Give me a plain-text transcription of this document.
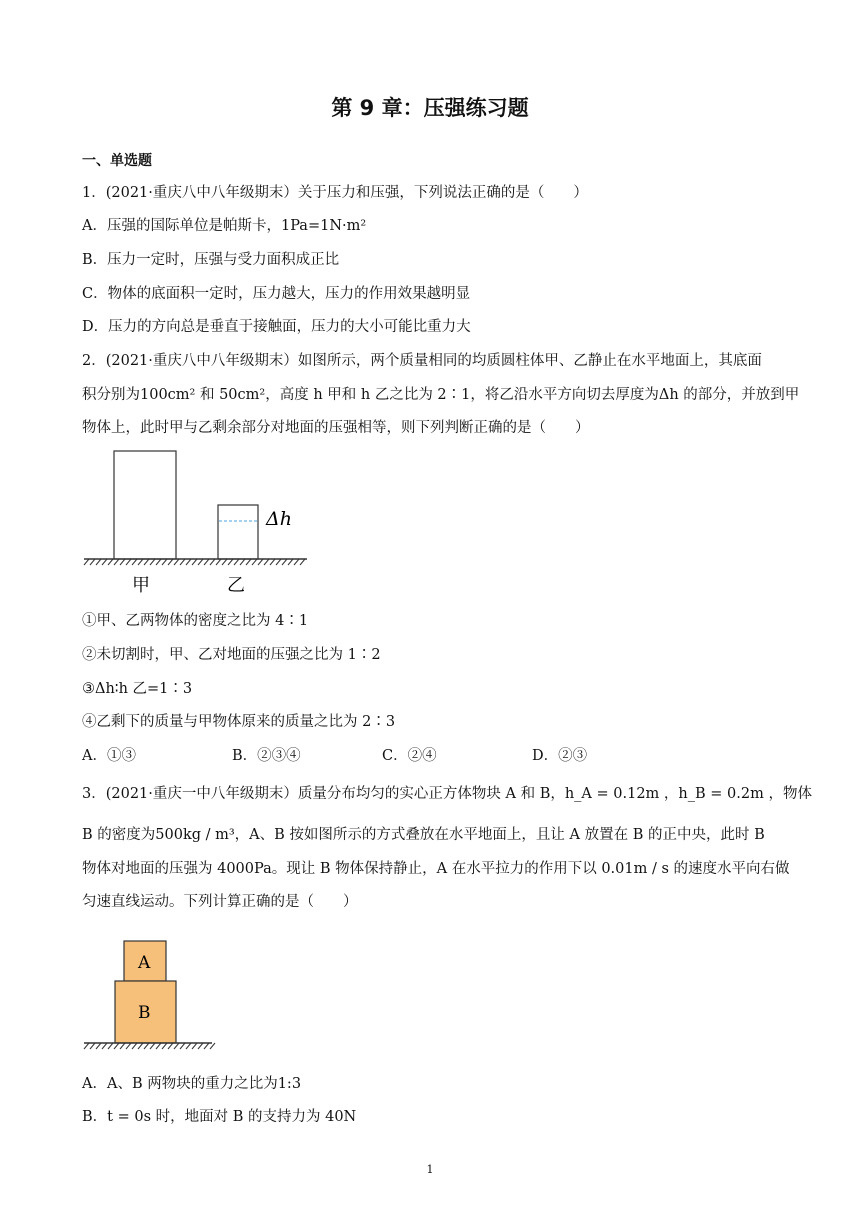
第 9 章：压强练习题
一、单选题
1．(2021·重庆八中八年级期末）关于压力和压强，下列说法正确的是（　　）
A．压强的国际单位是帕斯卡，1Pa=1N·m²
B．压力一定时，压强与受力面积成正比
C．物体的底面积一定时，压力越大，压力的作用效果越明显
D．压力的方向总是垂直于接触面，压力的大小可能比重力大
2．(2021·重庆八中八年级期末）如图所示，两个质量相同的均质圆柱体甲、乙静止在水平地面上，其底面
积分别为100cm² 和 50cm²，高度 h 甲和 h 乙之比为 2∶1，将乙沿水平方向切去厚度为Δh 的部分，并放到甲
物体上，此时甲与乙剩余部分对地面的压强相等，则下列判断正确的是（　　）
Δh
甲	乙
①甲、乙两物体的密度之比为 4∶1
②未切割时，甲、乙对地面的压强之比为 1∶2
③Δh∶h 乙=1∶3
④乙剩下的质量与甲物体原来的质量之比为 2∶3
A．①③	B．②③④	C．②④	D．②③
3．(2021·重庆一中八年级期末）质量分布均匀的实心正方体物块 A 和 B，h_A = 0.12m ，h_B = 0.2m ，物体
B 的密度为500kg / m³，A、B 按如图所示的方式叠放在水平地面上，且让 A 放置在 B 的正中央，此时 B
物体对地面的压强为 4000Pa。现让 B 物体保持静止，A 在水平拉力的作用下以 0.01m / s 的速度水平向右做
匀速直线运动。下列计算正确的是（　　）
A
B
A．A、B 两物块的重力之比为1:3
B．t = 0s 时，地面对 B 的支持力为 40N
1
